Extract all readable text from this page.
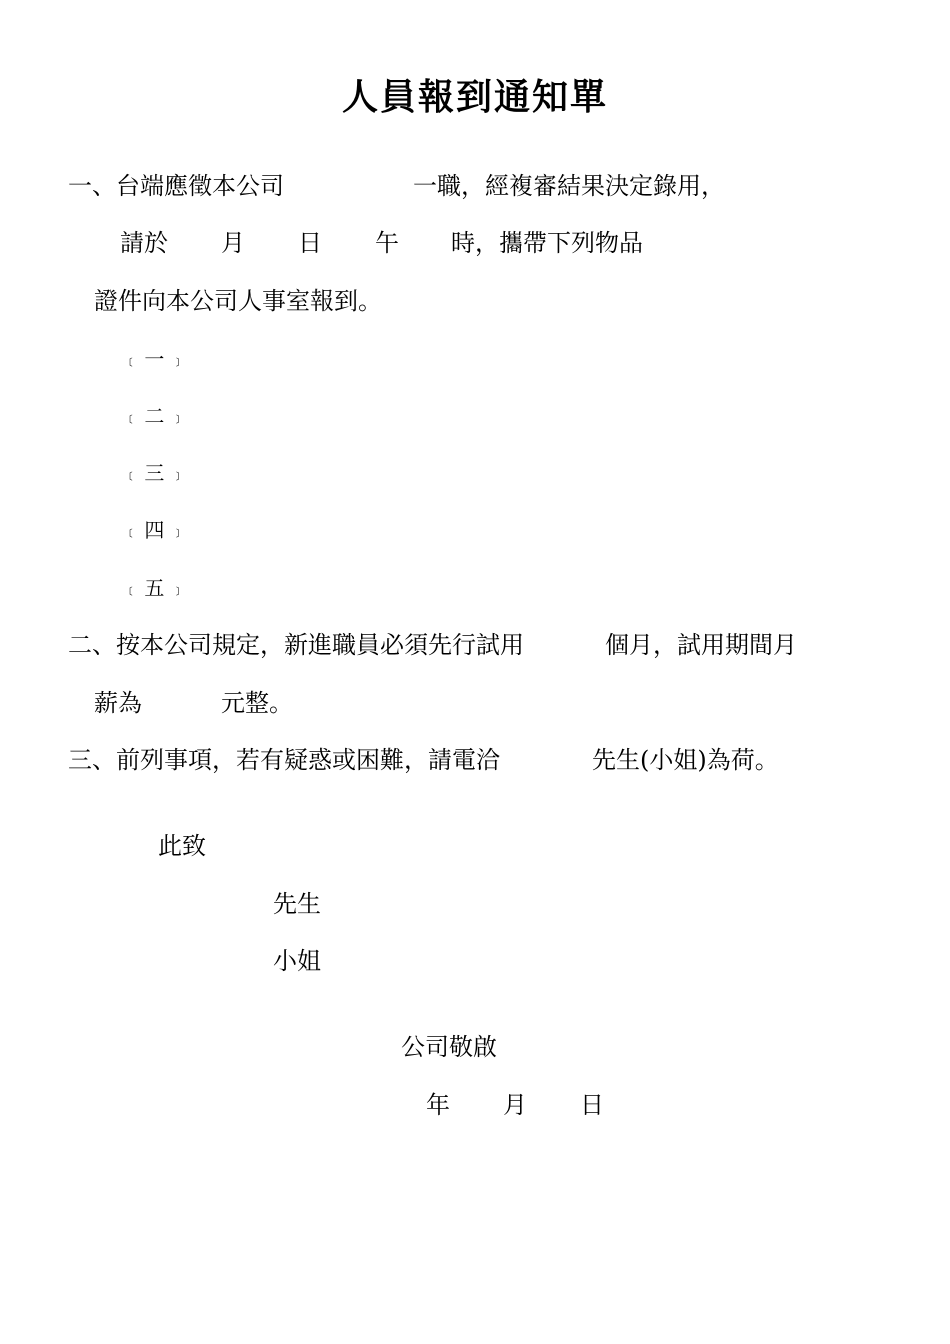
人員報到通知單
一、台端應徵本公司	一職，經複審結果決定錄用，
請於 月 日 午 時，攜帶下列物品
證件向本公司人事室報到。
﹝ 一 ﹞
﹝ 二 ﹞
﹝ 三 ﹞
﹝ 四 ﹞
﹝ 五 ﹞
二、按本公司規定，新進職員必須先行試用	個月，試用期間月
薪為	元整。
三、前列事項，若有疑惑或困難，請電洽	先生(小姐)為荷。
此致
先生
小姐
公司敬啟
年 月 日
